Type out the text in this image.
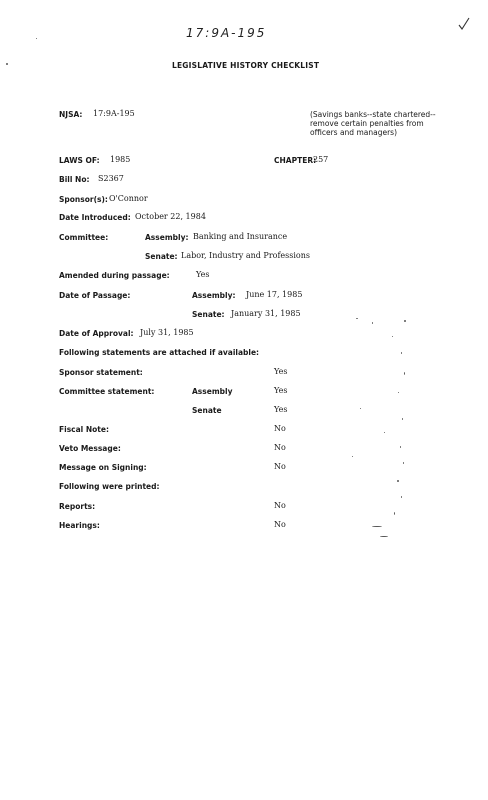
17:9A-195
LEGISLATIVE HISTORY CHECKLIST
NJSA: 17:9A-195	(Savings banks--state chartered--remove certain penalties from officers and managers)
LAWS OF: 1985	CHAPTER:
257
Bill No: S2367
Sponsor(s): O'Connor
Date Introduced: October 22, 1984
Committee:	Assembly: Banking and Insurance
Senate: Labor, Industry and Professions
Amended during passage:	Yes
Date of Passage:	Assembly: June 17, 1985
Senate: January 31, 1985
Date of Approval: July 31, 1985
Following statements are attached if available:
Sponsor statement:	Yes
Committee statement:	Assembly	Yes
Senate	Yes
Fiscal Note:	No
Veto Message:	No
Message on Signing:	No
Following were printed:
Reports:	No
Hearings:	No
